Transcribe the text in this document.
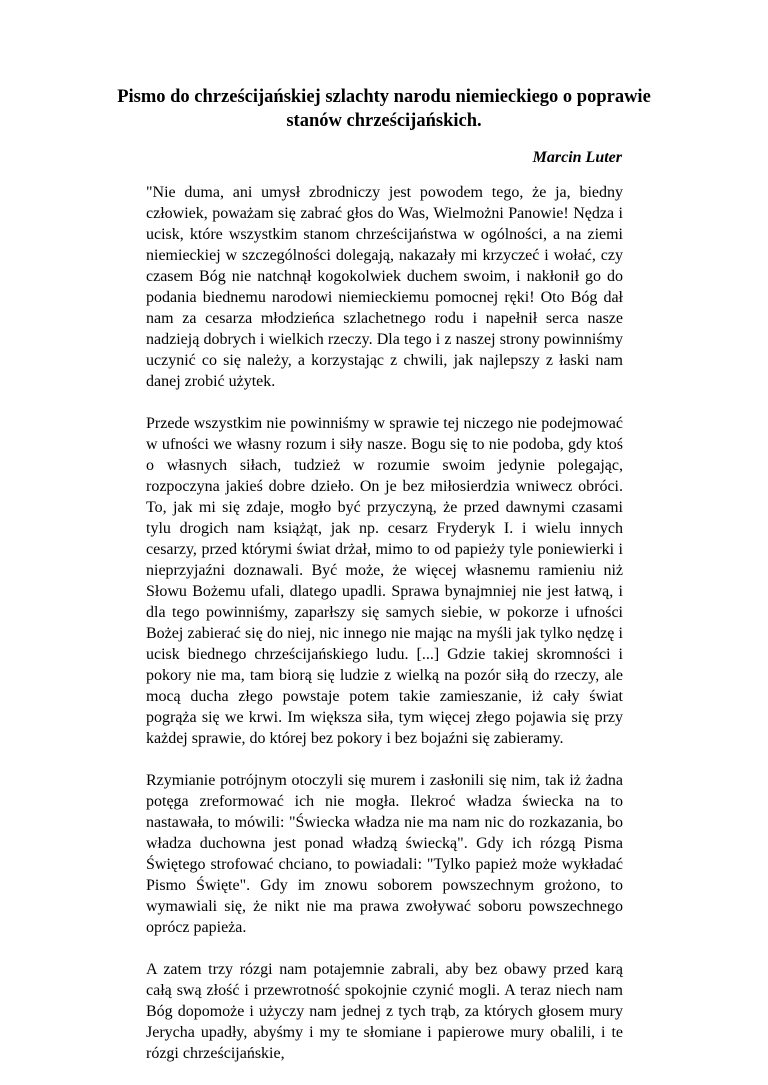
Pismo do chrześcijańskiej szlachty narodu niemieckiego o poprawie stanów chrześcijańskich.

Marcin Luter

"Nie duma, ani umysł zbrodniczy jest powodem tego, że ja, biedny człowiek, poważam się zabrać głos do Was, Wielmożni Panowie! Nędza i ucisk, które wszystkim stanom chrześcijaństwa w ogólności, a na ziemi niemieckiej w szczególności dolegają, nakazały mi krzyczeć i wołać, czy czasem Bóg nie natchnął kogokolwiek duchem swoim, i nakłonił go do podania biednemu narodowi niemieckiemu pomocnej ręki! Oto Bóg dał nam za cesarza młodzieńca szlachetnego rodu i napełnił serca nasze nadzieją dobrych i wielkich rzeczy. Dla tego i z naszej strony powinniśmy uczynić co się należy, a korzystając z chwili, jak najlepszy z łaski nam danej zrobić użytek.

Przede wszystkim nie powinniśmy w sprawie tej niczego nie podejmować w ufności we własny rozum i siły nasze. Bogu się to nie podoba, gdy ktoś o własnych siłach, tudzież w rozumie swoim jedynie polegając, rozpoczyna jakieś dobre dzieło. On je bez miłosierdzia wniwecz obróci. To, jak mi się zdaje, mogło być przyczyną, że przed dawnymi czasami tylu drogich nam książąt, jak np. cesarz Fryderyk I. i wielu innych cesarzy, przed którymi świat drżał, mimo to od papieży tyle poniewierki i nieprzyjaźni doznawali. Być może, że więcej własnemu ramieniu niż Słowu Bożemu ufali, dlatego upadli. Sprawa bynajmniej nie jest łatwą, i dla tego powinniśmy, zaparłszy się samych siebie, w pokorze i ufności Bożej zabierać się do niej, nic innego nie mając na myśli jak tylko nędzę i ucisk biednego chrześcijańskiego ludu. [...] Gdzie takiej skromności i pokory nie ma, tam biorą się ludzie z wielką na pozór siłą do rzeczy, ale mocą ducha złego powstaje potem takie zamieszanie, iż cały świat pogrąża się we krwi. Im większa siła, tym więcej złego pojawia się przy każdej sprawie, do której bez pokory i bez bojaźni się zabieramy.

Rzymianie potrójnym otoczyli się murem i zasłonili się nim, tak iż żadna potęga zreformować ich nie mogła. Ilekroć władza świecka na to nastawała, to mówili: "Świecka władza nie ma nam nic do rozkazania, bo władza duchowna jest ponad władzą świecką". Gdy ich rózgą Pisma Świętego strofować chciano, to powiadali: "Tylko papież może wykładać Pismo Święte". Gdy im znowu soborem powszechnym grożono, to wymawiali się, że nikt nie ma prawa zwoływać soboru powszechnego oprócz papieża.

A zatem trzy rózgi nam potajemnie zabrali, aby bez obawy przed karą całą swą złość i przewrotność spokojnie czynić mogli. A teraz niech nam Bóg dopomoże i użyczy nam jednej z tych trąb, za których głosem mury Jerycha upadły, abyśmy i my te słomiane i papierowe mury obalili, i te rózgi chrześcijańskie,
